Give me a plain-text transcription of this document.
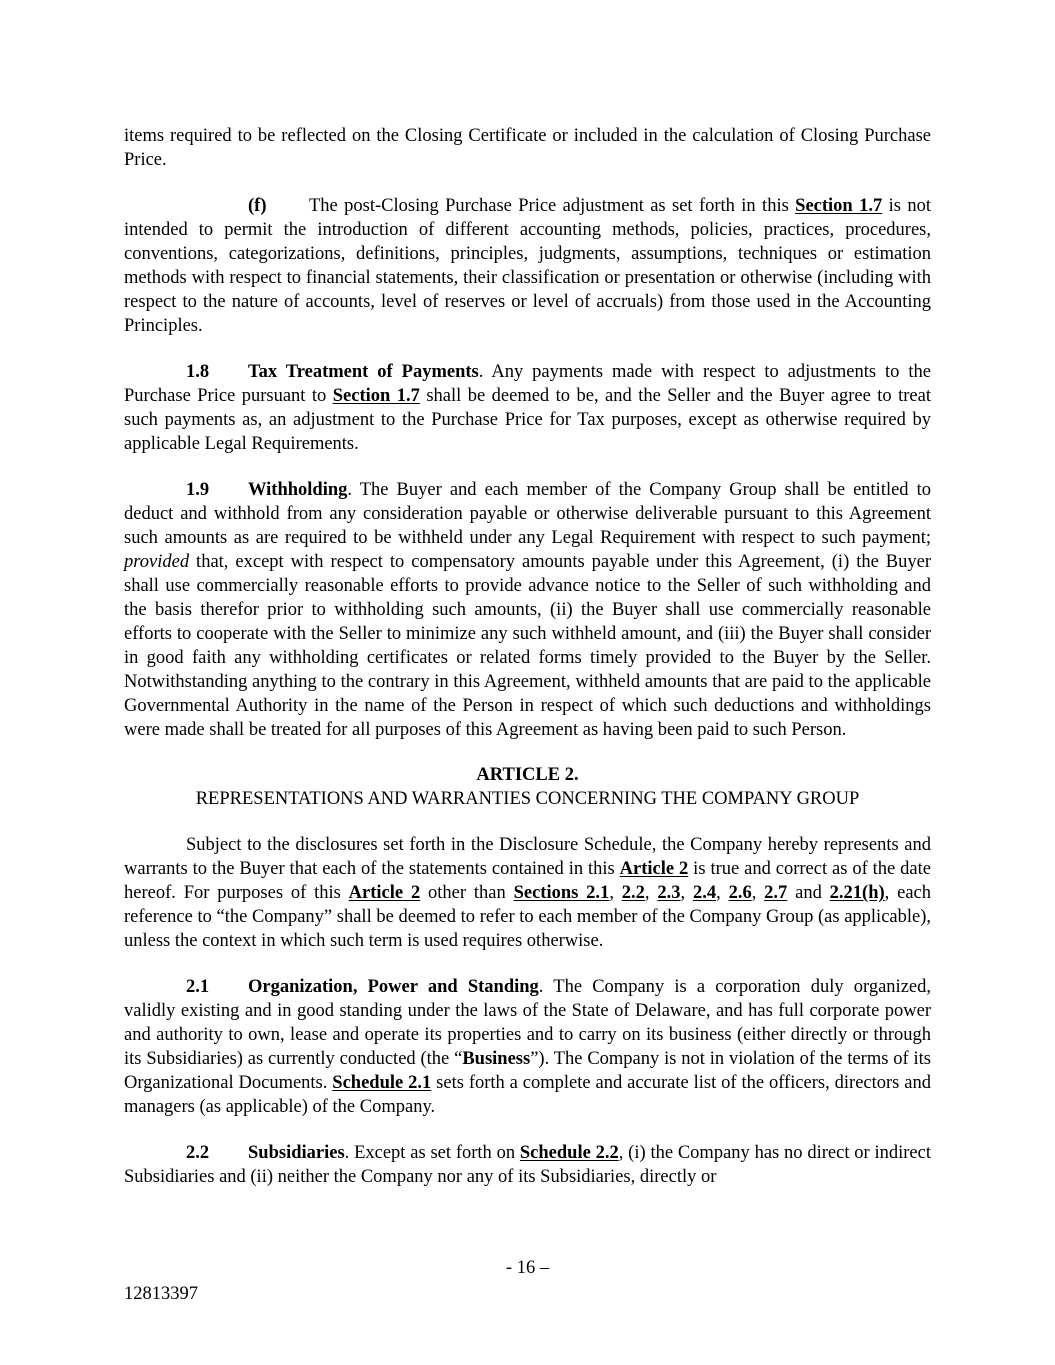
items required to be reflected on the Closing Certificate or included in the calculation of Closing Purchase Price.

(f) The post-Closing Purchase Price adjustment as set forth in this Section 1.7 is not intended to permit the introduction of different accounting methods, policies, practices, procedures, conventions, categorizations, definitions, principles, judgments, assumptions, techniques or estimation methods with respect to financial statements, their classification or presentation or otherwise (including with respect to the nature of accounts, level of reserves or level of accruals) from those used in the Accounting Principles.

1.8 Tax Treatment of Payments. Any payments made with respect to adjustments to the Purchase Price pursuant to Section 1.7 shall be deemed to be, and the Seller and the Buyer agree to treat such payments as, an adjustment to the Purchase Price for Tax purposes, except as otherwise required by applicable Legal Requirements.

1.9 Withholding. The Buyer and each member of the Company Group shall be entitled to deduct and withhold from any consideration payable or otherwise deliverable pursuant to this Agreement such amounts as are required to be withheld under any Legal Requirement with respect to such payment; provided that, except with respect to compensatory amounts payable under this Agreement, (i) the Buyer shall use commercially reasonable efforts to provide advance notice to the Seller of such withholding and the basis therefor prior to withholding such amounts, (ii) the Buyer shall use commercially reasonable efforts to cooperate with the Seller to minimize any such withheld amount, and (iii) the Buyer shall consider in good faith any withholding certificates or related forms timely provided to the Buyer by the Seller. Notwithstanding anything to the contrary in this Agreement, withheld amounts that are paid to the applicable Governmental Authority in the name of the Person in respect of which such deductions and withholdings were made shall be treated for all purposes of this Agreement as having been paid to such Person.

ARTICLE 2.

REPRESENTATIONS AND WARRANTIES CONCERNING THE COMPANY GROUP

Subject to the disclosures set forth in the Disclosure Schedule, the Company hereby represents and warrants to the Buyer that each of the statements contained in this Article 2 is true and correct as of the date hereof. For purposes of this Article 2 other than Sections 2.1, 2.2, 2.3, 2.4, 2.6, 2.7 and 2.21(h), each reference to “the Company” shall be deemed to refer to each member of the Company Group (as applicable), unless the context in which such term is used requires otherwise.

2.1 Organization, Power and Standing. The Company is a corporation duly organized, validly existing and in good standing under the laws of the State of Delaware, and has full corporate power and authority to own, lease and operate its properties and to carry on its business (either directly or through its Subsidiaries) as currently conducted (the “Business”). The Company is not in violation of the terms of its Organizational Documents. Schedule 2.1 sets forth a complete and accurate list of the officers, directors and managers (as applicable) of the Company.

2.2 Subsidiaries. Except as set forth on Schedule 2.2, (i) the Company has no direct or indirect Subsidiaries and (ii) neither the Company nor any of its Subsidiaries, directly or

- 16 –
12813397
